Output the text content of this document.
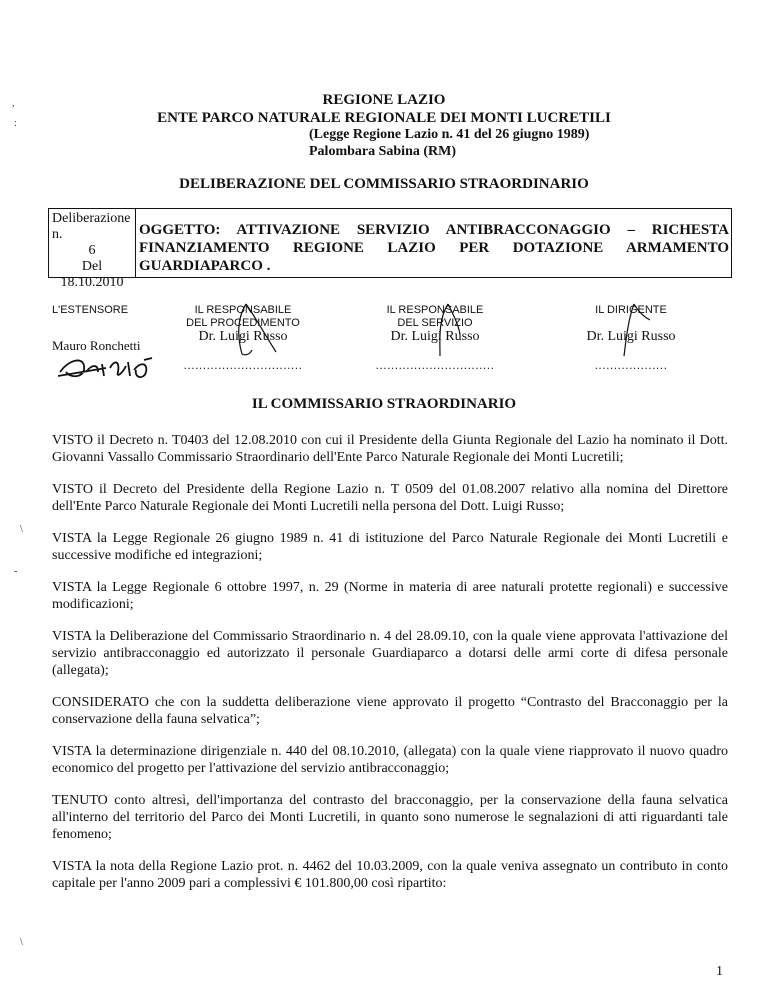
,
:
\
-
\
REGIONE LAZIO
ENTE PARCO NATURALE REGIONALE DEI MONTI LUCRETILI
(Legge Regione Lazio n. 41 del 26 giugno 1989)
Palombara Sabina (RM)
DELIBERAZIONE DEL COMMISSARIO STRAORDINARIO
Deliberazione n.
6
Del
18.10.2010
OGGETTO: ATTIVAZIONE SERVIZIO ANTIBRACCONAGGIO – RICHESTA
FINANZIAMENTO REGIONE LAZIO PER DOTAZIONE ARMAMENTO
GUARDIAPARCO .
L'ESTENSORE
Mauro Ronchetti
IL RESPONSABILE
DEL PROCEDIMENTO
Dr. Luigi Russo
...............................
IL RESPONSABILE
DEL SERVIZIO
Dr. Luigi Russo
...............................
IL DIRIGENTE
Dr. Luigi Russo
...................
IL COMMISSARIO STRAORDINARIO

VISTO il Decreto n. T0403 del 12.08.2010 con cui il Presidente della Giunta Regionale del Lazio ha nominato il Dott. Giovanni Vassallo Commissario Straordinario dell'Ente Parco Naturale Regionale dei Monti Lucretili;

VISTO il Decreto del Presidente della Regione Lazio n. T 0509 del 01.08.2007 relativo alla nomina del Direttore dell'Ente Parco Naturale Regionale dei Monti Lucretili nella persona del Dott. Luigi Russo;

VISTA la Legge Regionale 26 giugno 1989 n. 41 di istituzione del Parco Naturale Regionale dei Monti Lucretili e successive modifiche ed integrazioni;

VISTA la Legge Regionale 6 ottobre 1997, n. 29 (Norme in materia di aree naturali protette regionali) e successive modificazioni;

VISTA la Deliberazione del Commissario Straordinario n. 4 del 28.09.10, con la quale viene approvata l'attivazione del servizio antibracconaggio ed autorizzato il personale Guardiaparco a dotarsi delle armi corte di difesa personale (allegata);

CONSIDERATO che con la suddetta deliberazione viene approvato il progetto “Contrasto del Bracconaggio per la conservazione della fauna selvatica”;

VISTA la determinazione dirigenziale n. 440 del 08.10.2010, (allegata) con la quale viene riapprovato il nuovo quadro economico del progetto per l'attivazione del servizio antibracconaggio;

TENUTO conto altresì, dell'importanza del contrasto del bracconaggio, per la conservazione della fauna selvatica all'interno del territorio del Parco dei Monti Lucretili, in quanto sono numerose le segnalazioni di atti riguardanti tale fenomeno;

VISTA la nota della Regione Lazio prot. n. 4462 del 10.03.2009, con la quale veniva assegnato un contributo in conto capitale per l'anno 2009 pari a complessivi € 101.800,00 così ripartito:

1
